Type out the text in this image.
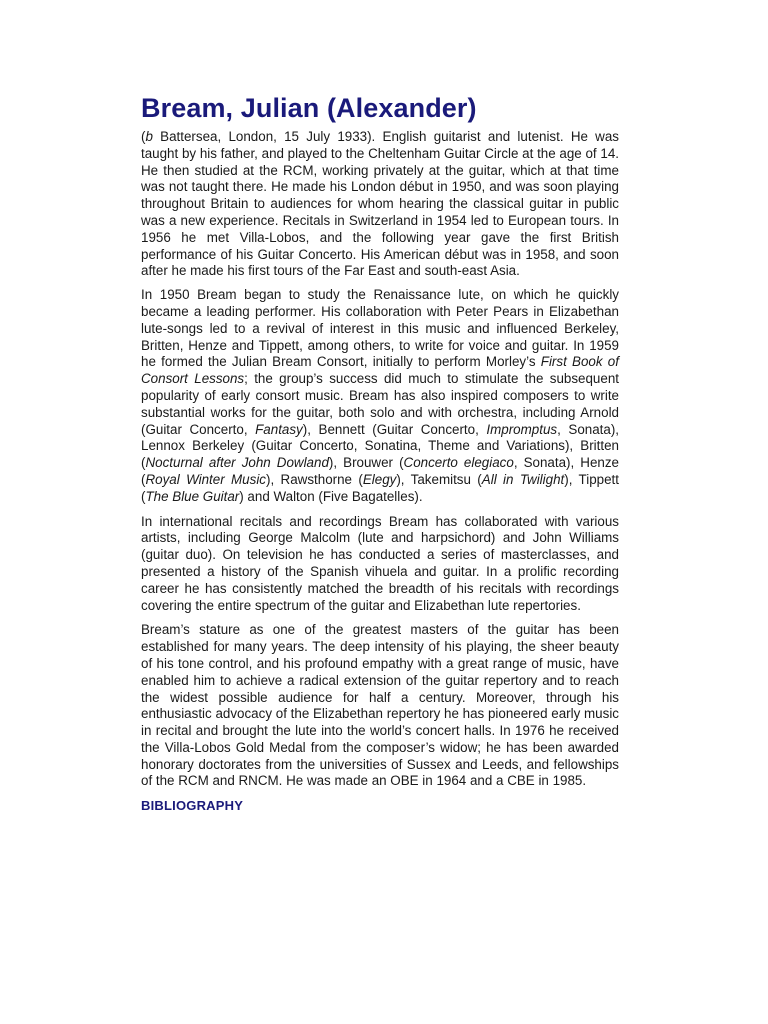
Bream, Julian (Alexander)

(b Battersea, London, 15 July 1933). English guitarist and lutenist. He was taught by his father, and played to the Cheltenham Guitar Circle at the age of 14. He then studied at the RCM, working privately at the guitar, which at that time was not taught there. He made his London début in 1950, and was soon playing throughout Britain to audiences for whom hearing the classical guitar in public was a new experience. Recitals in Switzerland in 1954 led to European tours. In 1956 he met Villa-Lobos, and the following year gave the first British performance of his Guitar Concerto. His American début was in 1958, and soon after he made his first tours of the Far East and south-east Asia.

In 1950 Bream began to study the Renaissance lute, on which he quickly became a leading performer. His collaboration with Peter Pears in Elizabethan lute-songs led to a revival of interest in this music and influenced Berkeley, Britten, Henze and Tippett, among others, to write for voice and guitar. In 1959 he formed the Julian Bream Consort, initially to perform Morley’s First Book of Consort Lessons; the group’s success did much to stimulate the subsequent popularity of early consort music. Bream has also inspired composers to write substantial works for the guitar, both solo and with orchestra, including Arnold (Guitar Concerto, Fantasy), Bennett (Guitar Concerto, Impromptus, Sonata), Lennox Berkeley (Guitar Concerto, Sonatina, Theme and Variations), Britten (Nocturnal after John Dowland), Brouwer (Concerto elegiaco, Sonata), Henze (Royal Winter Music), Rawsthorne (Elegy), Takemitsu (All in Twilight), Tippett (The Blue Guitar) and Walton (Five Bagatelles).

In international recitals and recordings Bream has collaborated with various artists, including George Malcolm (lute and harpsichord) and John Williams (guitar duo). On television he has conducted a series of masterclasses, and presented a history of the Spanish vihuela and guitar. In a prolific recording career he has consistently matched the breadth of his recitals with recordings covering the entire spectrum of the guitar and Elizabethan lute repertories.

Bream’s stature as one of the greatest masters of the guitar has been established for many years. The deep intensity of his playing, the sheer beauty of his tone control, and his profound empathy with a great range of music, have enabled him to achieve a radical extension of the guitar repertory and to reach the widest possible audience for half a century. Moreover, through his enthusiastic advocacy of the Elizabethan repertory he has pioneered early music in recital and brought the lute into the world’s concert halls. In 1976 he received the Villa-Lobos Gold Medal from the composer’s widow; he has been awarded honorary doctorates from the universities of Sussex and Leeds, and fellowships of the RCM and RNCM. He was made an OBE in 1964 and a CBE in 1985.

BIBLIOGRAPHY
